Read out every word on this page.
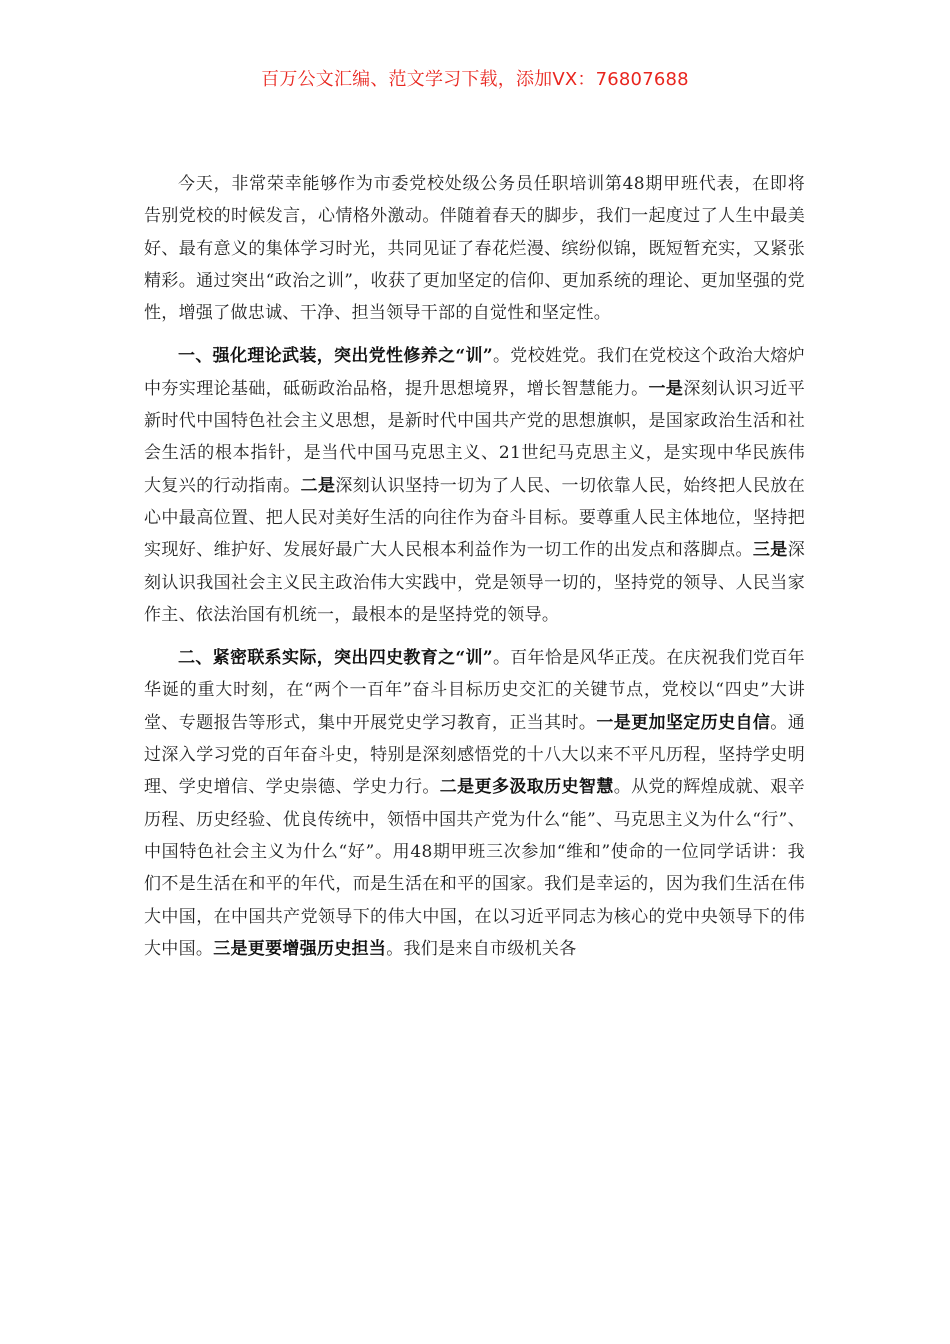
百万公文汇编、范文学习下载，添加VX：76807688

今天，非常荣幸能够作为市委党校处级公务员任职培训第48期甲班代表，在即将告别党校的时候发言，心情格外激动。伴随着春天的脚步，我们一起度过了人生中最美好、最有意义的集体学习时光，共同见证了春花烂漫、缤纷似锦，既短暂充实，又紧张精彩。通过突出“政治之训”，收获了更加坚定的信仰、更加系统的理论、更加坚强的党性，增强了做忠诚、干净、担当领导干部的自觉性和坚定性。

一、强化理论武装，突出党性修养之“训”。党校姓党。我们在党校这个政治大熔炉中夯实理论基础，砥砺政治品格，提升思想境界，增长智慧能力。一是深刻认识习近平新时代中国特色社会主义思想，是新时代中国共产党的思想旗帜，是国家政治生活和社会生活的根本指针，是当代中国马克思主义、21世纪马克思主义，是实现中华民族伟大复兴的行动指南。二是深刻认识坚持一切为了人民、一切依靠人民，始终把人民放在心中最高位置、把人民对美好生活的向往作为奋斗目标。要尊重人民主体地位，坚持把实现好、维护好、发展好最广大人民根本利益作为一切工作的出发点和落脚点。三是深刻认识我国社会主义民主政治伟大实践中，党是领导一切的，坚持党的领导、人民当家作主、依法治国有机统一，最根本的是坚持党的领导。

二、紧密联系实际，突出四史教育之“训”。百年恰是风华正茂。在庆祝我们党百年华诞的重大时刻，在“两个一百年”奋斗目标历史交汇的关键节点，党校以“四史”大讲堂、专题报告等形式，集中开展党史学习教育，正当其时。一是更加坚定历史自信。通过深入学习党的百年奋斗史，特别是深刻感悟党的十八大以来不平凡历程，坚持学史明理、学史增信、学史崇德、学史力行。二是更多汲取历史智慧。从党的辉煌成就、艰辛历程、历史经验、优良传统中，领悟中国共产党为什么“能”、马克思主义为什么“行”、中国特色社会主义为什么“好”。用48期甲班三次参加“维和”使命的一位同学话讲：我们不是生活在和平的年代，而是生活在和平的国家。我们是幸运的，因为我们生活在伟大中国，在中国共产党领导下的伟大中国，在以习近平同志为核心的党中央领导下的伟大中国。三是更要增强历史担当。我们是来自市级机关各
